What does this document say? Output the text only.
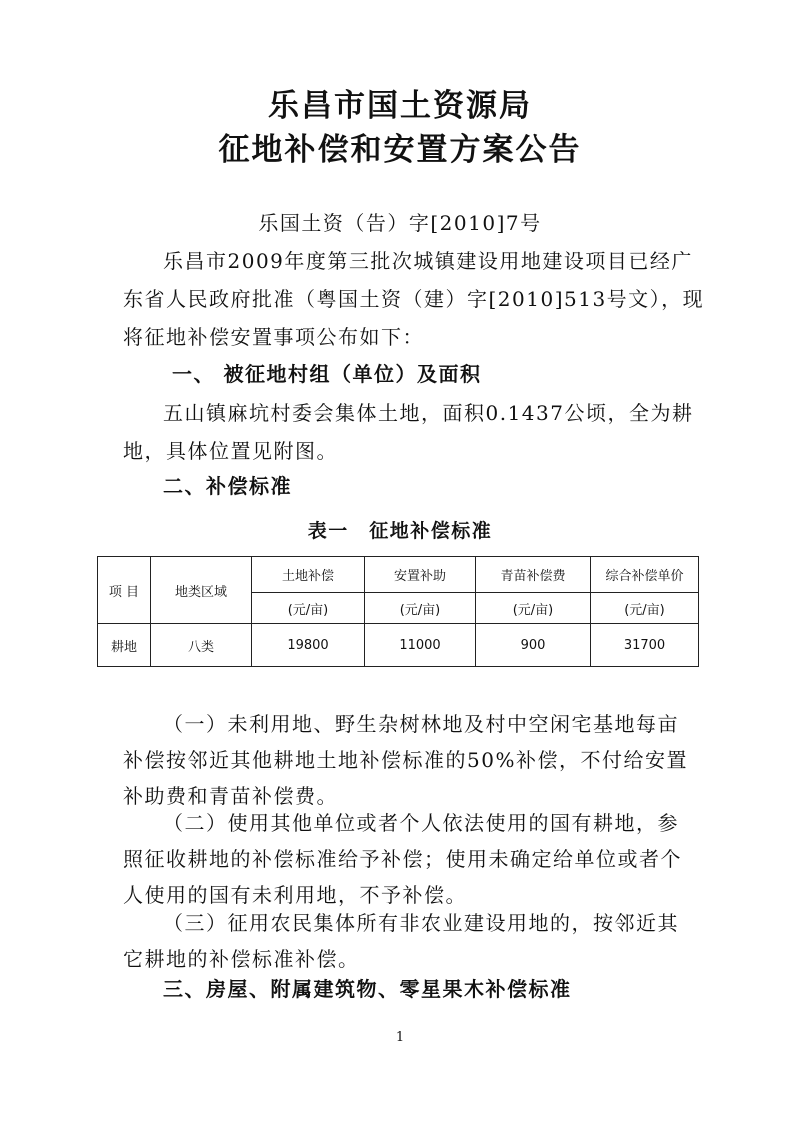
乐昌市国土资源局
征地补偿和安置方案公告
乐国土资（告）字[2010]7号
乐昌市2009年度第三批次城镇建设用地建设项目已经广
东省人民政府批准（粤国土资（建）字[2010]513号文），现
将征地补偿安置事项公布如下：
一、 被征地村组（单位）及面积
五山镇麻坑村委会集体土地，面积0.1437公顷，全为耕
地，具体位置见附图。
二、补偿标准
表一　征地补偿标准
项 目	地类区域	土地补偿	安置补助	青苗补偿费	综合补偿单价
		(元/亩)	(元/亩)	(元/亩)	(元/亩)
耕地	八类	19800	11000	900	31700
（一）未利用地、野生杂树林地及村中空闲宅基地每亩
补偿按邻近其他耕地土地补偿标准的50%补偿，不付给安置
补助费和青苗补偿费。
（二）使用其他单位或者个人依法使用的国有耕地，参
照征收耕地的补偿标准给予补偿；使用未确定给单位或者个
人使用的国有未利用地，不予补偿。
（三）征用农民集体所有非农业建设用地的，按邻近其
它耕地的补偿标准补偿。
三、房屋、附属建筑物、零星果木补偿标准
1
